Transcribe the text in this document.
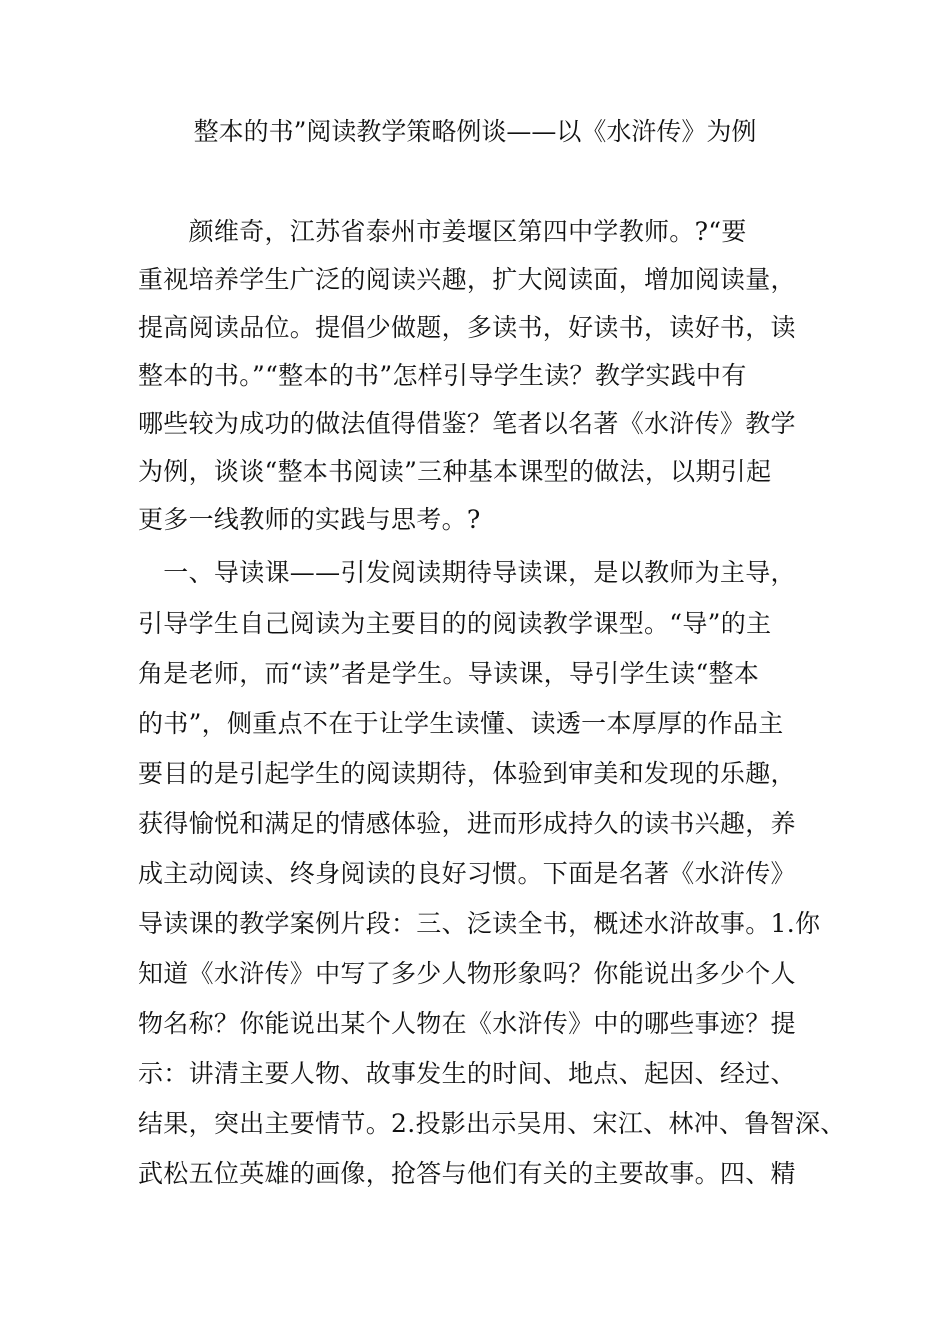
整本的书”阅读教学策略例谈——以《水浒传》为例
　　颜维奇，江苏省泰州市姜堰区第四中学教师。?“要
重视培养学生广泛的阅读兴趣，扩大阅读面，增加阅读量，
提高阅读品位。提倡少做题，多读书，好读书，读好书，读
整本的书。”“整本的书”怎样引导学生读？教学实践中有
哪些较为成功的做法值得借鉴？笔者以名著《水浒传》教学
为例，谈谈“整本书阅读”三种基本课型的做法，以期引起
更多一线教师的实践与思考。?
　一、导读课——引发阅读期待导读课，是以教师为主导，
引导学生自己阅读为主要目的的阅读教学课型。“导”的主
角是老师，而“读”者是学生。导读课，导引学生读“整本
的书”，侧重点不在于让学生读懂、读透一本厚厚的作品主
要目的是引起学生的阅读期待，体验到审美和发现的乐趣，
获得愉悦和满足的情感体验，进而形成持久的读书兴趣，养
成主动阅读、终身阅读的良好习惯。下面是名著《水浒传》
导读课的教学案例片段：三、泛读全书，概述水浒故事。1.你
知道《水浒传》中写了多少人物形象吗？你能说出多少个人
物名称？你能说出某个人物在《水浒传》中的哪些事迹？提
示：讲清主要人物、故事发生的时间、地点、起因、经过、
结果，突出主要情节。2.投影出示吴用、宋江、林冲、鲁智深、
武松五位英雄的画像，抢答与他们有关的主要故事。四、精
